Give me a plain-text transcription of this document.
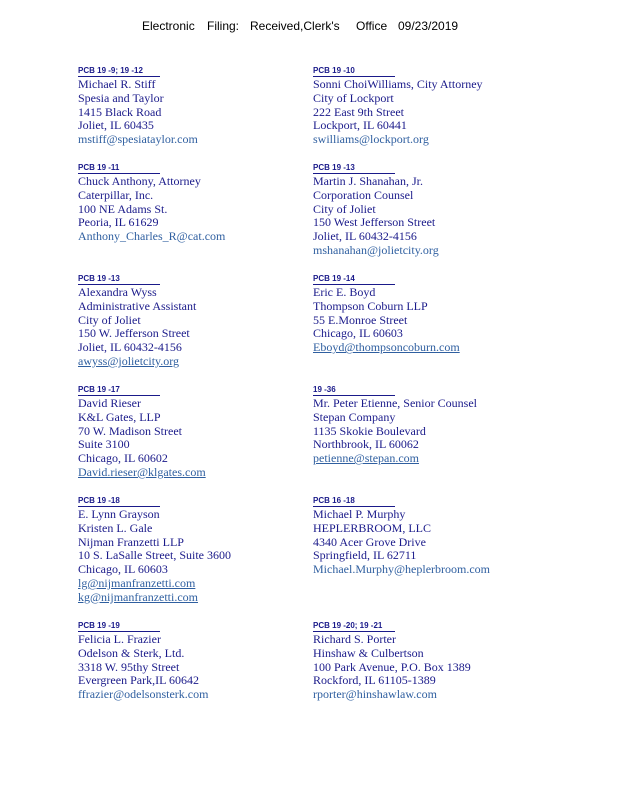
Electronic Filing: Received,Clerk's Office 09/23/2019
PCB 19 -9; 19 -12
Michael R. Stiff
Spesia and Taylor
1415 Black Road
Joliet, IL 60435
mstiff@spesiataylor.com
PCB 19 -10
Sonni ChoiWilliams, City Attorney
City of Lockport
222 East 9th Street
Lockport, IL 60441
swilliams@lockport.org
PCB 19 -11
Chuck Anthony, Attorney
Caterpillar, Inc.
100 NE Adams St.
Peoria, IL 61629
Anthony_Charles_R@cat.com
PCB 19 -13
Martin J. Shanahan, Jr.
Corporation Counsel
City of Joliet
150 West Jefferson Street
Joliet, IL 60432-4156
mshanahan@jolietcity.org
PCB 19 -13
Alexandra Wyss
Administrative Assistant
City of Joliet
150 W. Jefferson Street
Joliet, IL 60432-4156
awyss@jolietcity.org
PCB 19 -14
Eric E. Boyd
Thompson Coburn LLP
55 E.Monroe Street
Chicago, IL 60603
Eboyd@thompsoncoburn.com
PCB 19 -17
David Rieser
K&L Gates, LLP
70 W. Madison Street
Suite 3100
Chicago, IL 60602
David.rieser@klgates.com
19 -36
Mr. Peter Etienne, Senior Counsel
Stepan Company
1135 Skokie Boulevard
Northbrook, IL 60062
petienne@stepan.com
PCB 19 -18
E. Lynn Grayson
Kristen L. Gale
Nijman Franzetti LLP
10 S. LaSalle Street, Suite 3600
Chicago, IL 60603
lg@nijmanfranzetti.com
kg@nijmanfranzetti.com
PCB 16 -18
Michael P. Murphy
HEPLERBROOM, LLC
4340 Acer Grove Drive
Springfield, IL 62711
Michael.Murphy@heplerbroom.com
PCB 19 -19
Felicia L. Frazier
Odelson & Sterk, Ltd.
3318 W. 95thy Street
Evergreen Park,IL 60642
ffrazier@odelsonsterk.com
PCB 19 -20; 19 -21
Richard S. Porter
Hinshaw & Culbertson
100 Park Avenue, P.O. Box 1389
Rockford, IL 61105-1389
rporter@hinshawlaw.com
